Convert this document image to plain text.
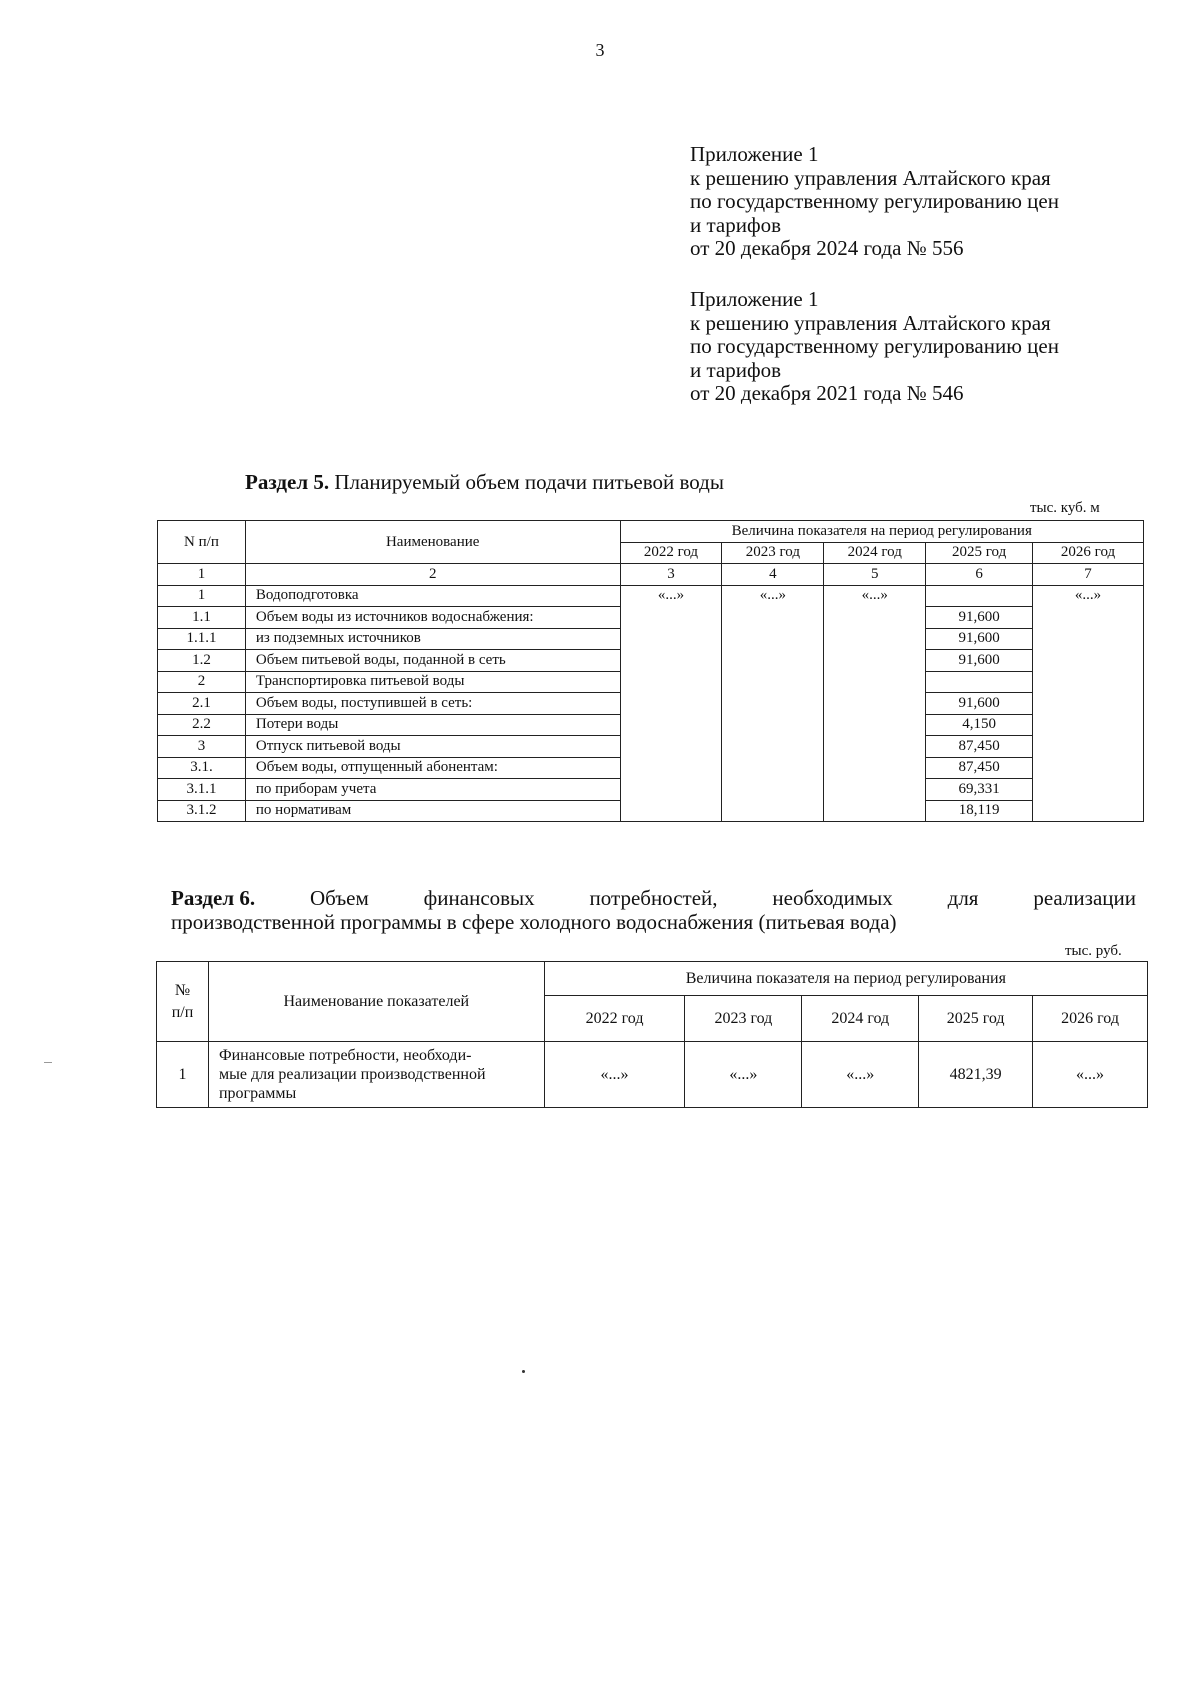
3
Приложение 1
к решению управления Алтайского края
по государственному регулированию цен
и тарифов
от 20 декабря 2024 года № 556
Приложение 1
к решению управления Алтайского края
по государственному регулированию цен
и тарифов
от 20 декабря 2021 года № 546
Раздел 5. Планируемый объем подачи питьевой воды
тыс. куб. м
N п/п	Наименование	Величина показателя на период регулирования				
		2022 год	2023 год	2024 год	2025 год	2026 год
1	2	3	4	5	6	7
1	Водоподготовка	«...»	«...»	«...»		«...»
1.1	Объем воды из источников водоснабжения:				91,600	
1.1.1	из подземных источников				91,600	
1.2	Объем питьевой воды, поданной в сеть				91,600	
2	Транспортировка питьевой воды					
2.1	Объем воды, поступившей в сеть:				91,600	
2.2	Потери воды				4,150	
3	Отпуск питьевой воды				87,450	
3.1.	Объем воды, отпущенный абонентам:				87,450	
3.1.1	по приборам учета				69,331	
3.1.2	по нормативам				18,119	
Раздел 6.	Объем	финансовых	потребностей,	необходимых	для	реализации
производственной программы в сфере холодного водоснабжения (питьевая вода)
тыс. руб.
№ п/п	Наименование показателей	Величина показателя на период регулирования				
		2022 год	2023 год	2024 год	2025 год	2026 год
1	Финансовые потребности, необходи-
мые для реализации производственной
программы	«...»	«...»	«...»	4821,39	«...»
